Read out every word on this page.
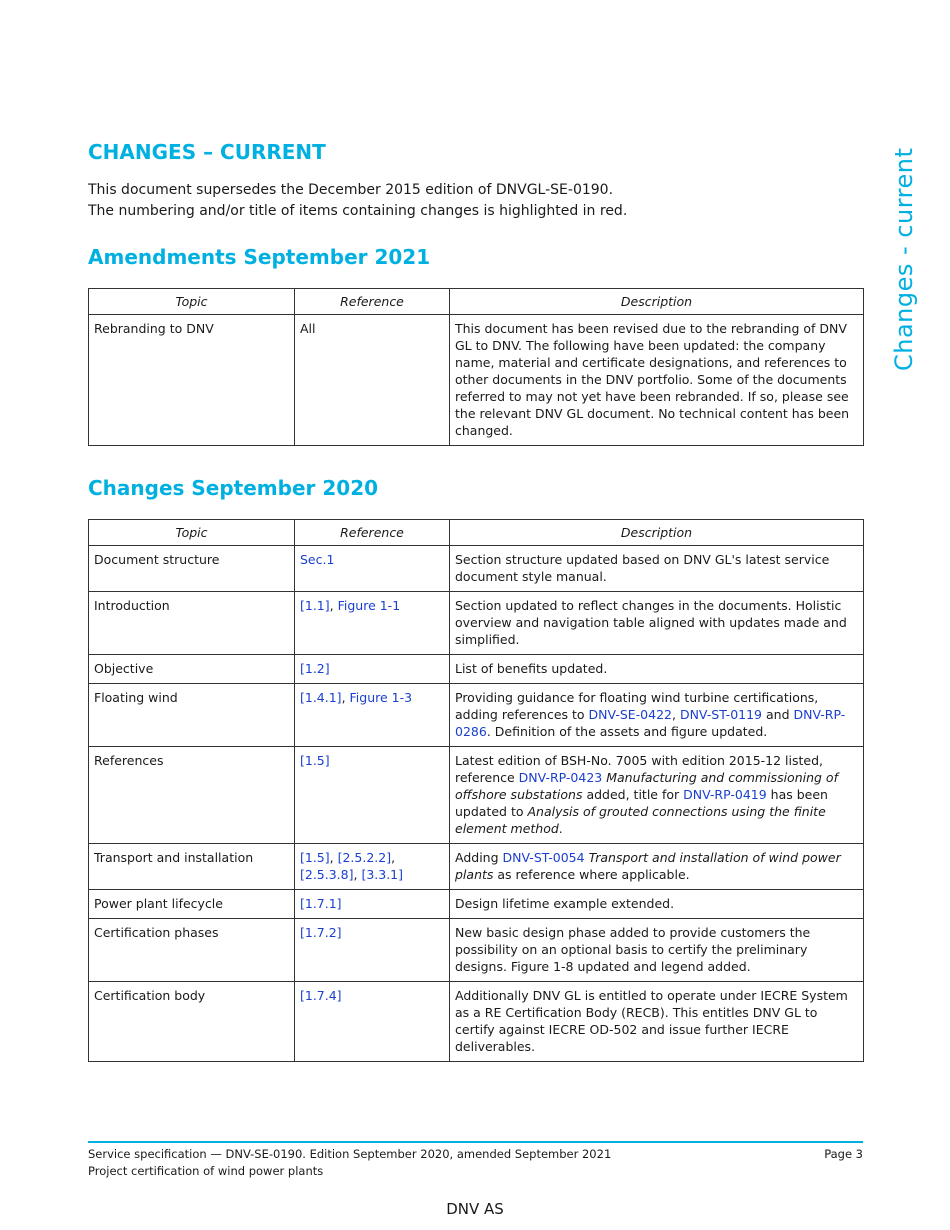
Changes - current
CHANGES – CURRENT
This document supersedes the December 2015 edition of DNVGL-SE-0190.
The numbering and/or title of items containing changes is highlighted in red.
Amendments September 2021
Topic	Reference	Description
Rebranding to DNV	All	This document has been revised due to the rebranding of DNV GL to DNV. The following have been updated: the company name, material and certificate designations, and references to other documents in the DNV portfolio. Some of the documents referred to may not yet have been rebranded. If so, please see the relevant DNV GL document. No technical content has been changed.
Changes September 2020
Topic	Reference	Description
Document structure	Sec.1	Section structure updated based on DNV GL's latest service document style manual.
Introduction	[1.1], Figure 1-1	Section updated to reflect changes in the documents. Holistic overview and navigation table aligned with updates made and simplified.
Objective	[1.2]	List of benefits updated.
Floating wind	[1.4.1], Figure 1-3	Providing guidance for floating wind turbine certifications, adding references to DNV-SE-0422, DNV-ST-0119 and DNV-RP-0286. Definition of the assets and figure updated.
References	[1.5]	Latest edition of BSH-No. 7005 with edition 2015-12 listed, reference DNV-RP-0423 Manufacturing and commissioning of offshore substations added, title for DNV-RP-0419 has been updated to Analysis of grouted connections using the finite element method.
Transport and installation	[1.5], [2.5.2.2], [2.5.3.8], [3.3.1]	Adding DNV-ST-0054 Transport and installation of wind power plants as reference where applicable.
Power plant lifecycle	[1.7.1]	Design lifetime example extended.
Certification phases	[1.7.2]	New basic design phase added to provide customers the possibility on an optional basis to certify the preliminary designs. Figure 1-8 updated and legend added.
Certification body	[1.7.4]	Additionally DNV GL is entitled to operate under IECRE System as a RE Certification Body (RECB). This entitles DNV GL to certify against IECRE OD-502 and issue further IECRE deliverables.
Service specification — DNV-SE-0190. Edition September 2020, amended September 2021	Page 3
Project certification of wind power plants
DNV AS
